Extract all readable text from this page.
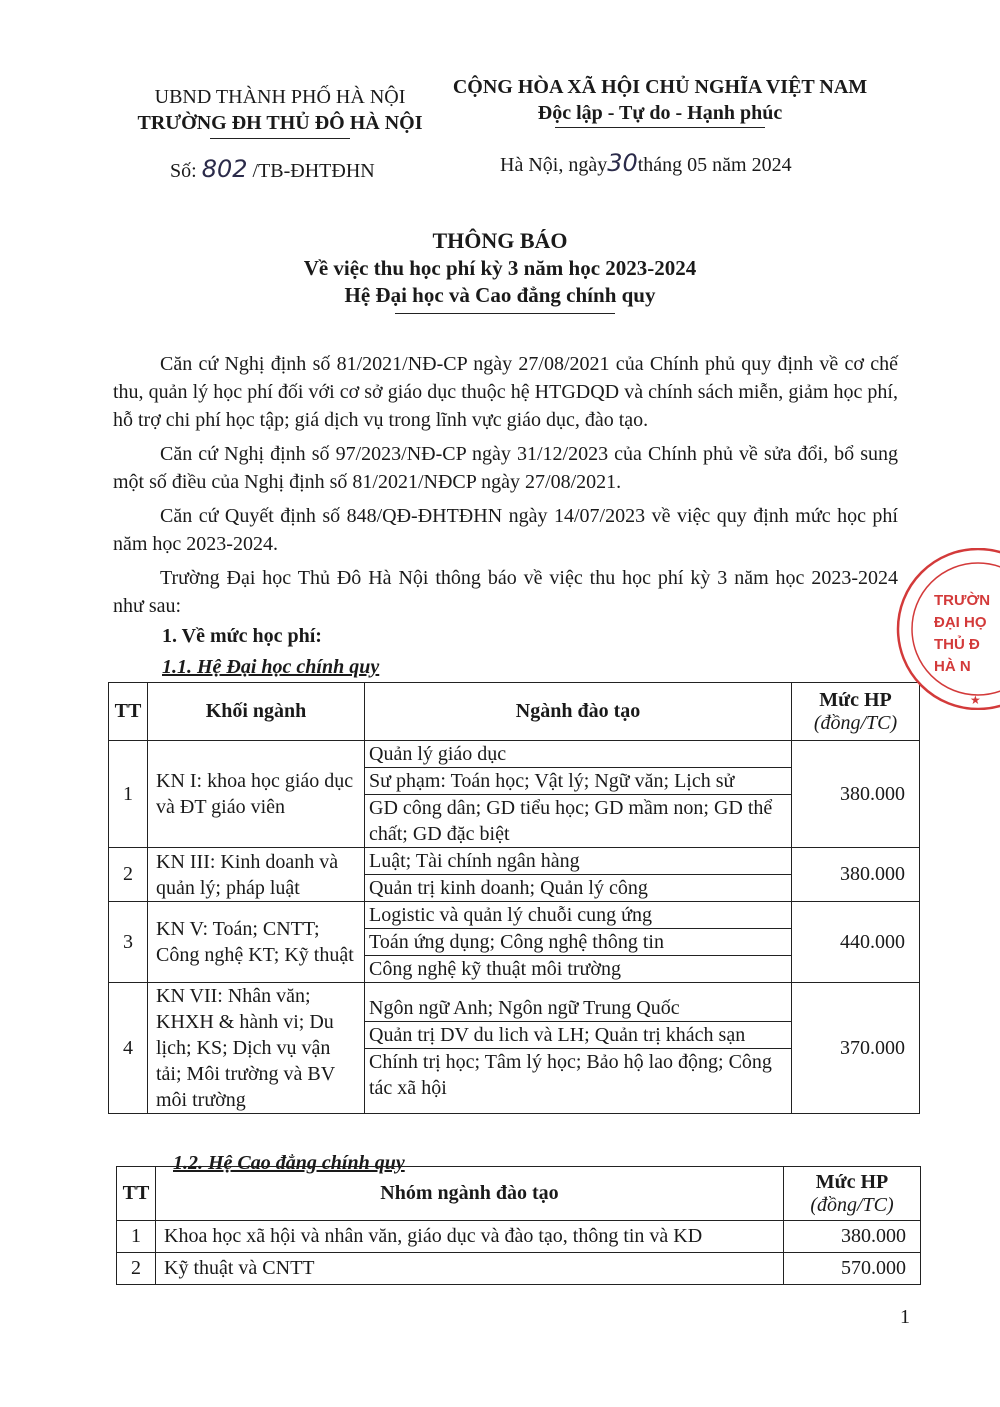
UBND THÀNH PHỐ HÀ NỘI
TRƯỜNG ĐH THỦ ĐÔ HÀ NỘI
Số: 802 /TB-ĐHTĐHN
CỘNG HÒA XÃ HỘI CHỦ NGHĨA VIỆT NAM
Độc lập - Tự do - Hạnh phúc
Hà Nội, ngày30tháng 05 năm 2024
THÔNG BÁO
Về việc thu học phí kỳ 3 năm học 2023-2024
Hệ Đại học và Cao đẳng chính quy

Căn cứ Nghị định số 81/2021/NĐ-CP ngày 27/08/2021 của Chính phủ quy định về cơ chế thu, quản lý học phí đối với cơ sở giáo dục thuộc hệ HTGDQD và chính sách miễn, giảm học phí, hỗ trợ chi phí học tập; giá dịch vụ trong lĩnh vực giáo dục, đào tạo.

Căn cứ Nghị định số 97/2023/NĐ-CP ngày 31/12/2023 của Chính phủ về sửa đổi, bổ sung một số điều của Nghị định số 81/2021/NĐCP ngày 27/08/2021.

Căn cứ Quyết định số 848/QĐ-ĐHTĐHN ngày 14/07/2023 về việc quy định mức học phí năm học 2023-2024.

Trường Đại học Thủ Đô Hà Nội thông báo về việc thu học phí kỳ 3 năm học 2023-2024 như sau:

1. Về mức học phí:
1.1. Hệ Đại học chính quy
TT	Khối ngành	Ngành đào tạo	Mức HP
(đồng/TC)

1	KN I: khoa học giáo dục và ĐT giáo viên	Quản lý giáo dục
Sư phạm: Toán học; Vật lý; Ngữ văn; Lịch sử
GD công dân; GD tiểu học; GD mầm non; GD thể chất; GD đặc biệt	380.000
2	KN III: Kinh doanh và quản lý; pháp luật	Luật; Tài chính ngân hàng
Quản trị kinh doanh; Quản lý công	380.000
3	KN V: Toán; CNTT; Công nghệ KT; Kỹ thuật	Logistic và quản lý chuỗi cung ứng
Toán ứng dụng; Công nghệ thông tin
Công nghệ kỹ thuật môi trường	440.000
4	KN VII: Nhân văn; KHXH & hành vi; Du lịch; KS; Dịch vụ vận tải; Môi trường và BV môi trường	Ngôn ngữ Anh; Ngôn ngữ Trung Quốc
Quản trị DV du lich và LH; Quản trị khách sạn
Chính trị học; Tâm lý học; Bảo hộ lao động; Công tác xã hội	370.000
1.2. Hệ Cao đẳng chính quy
TT	Nhóm ngành đào tạo	Mức HP
(đồng/TC)

1	Khoa học xã hội và nhân văn, giáo dục và đào tạo, thông tin và KD	380.000
2	Kỹ thuật và CNTT	570.000
★
TRƯỜN
ĐẠI HỌ
THỦ Đ
HÀ N
1
